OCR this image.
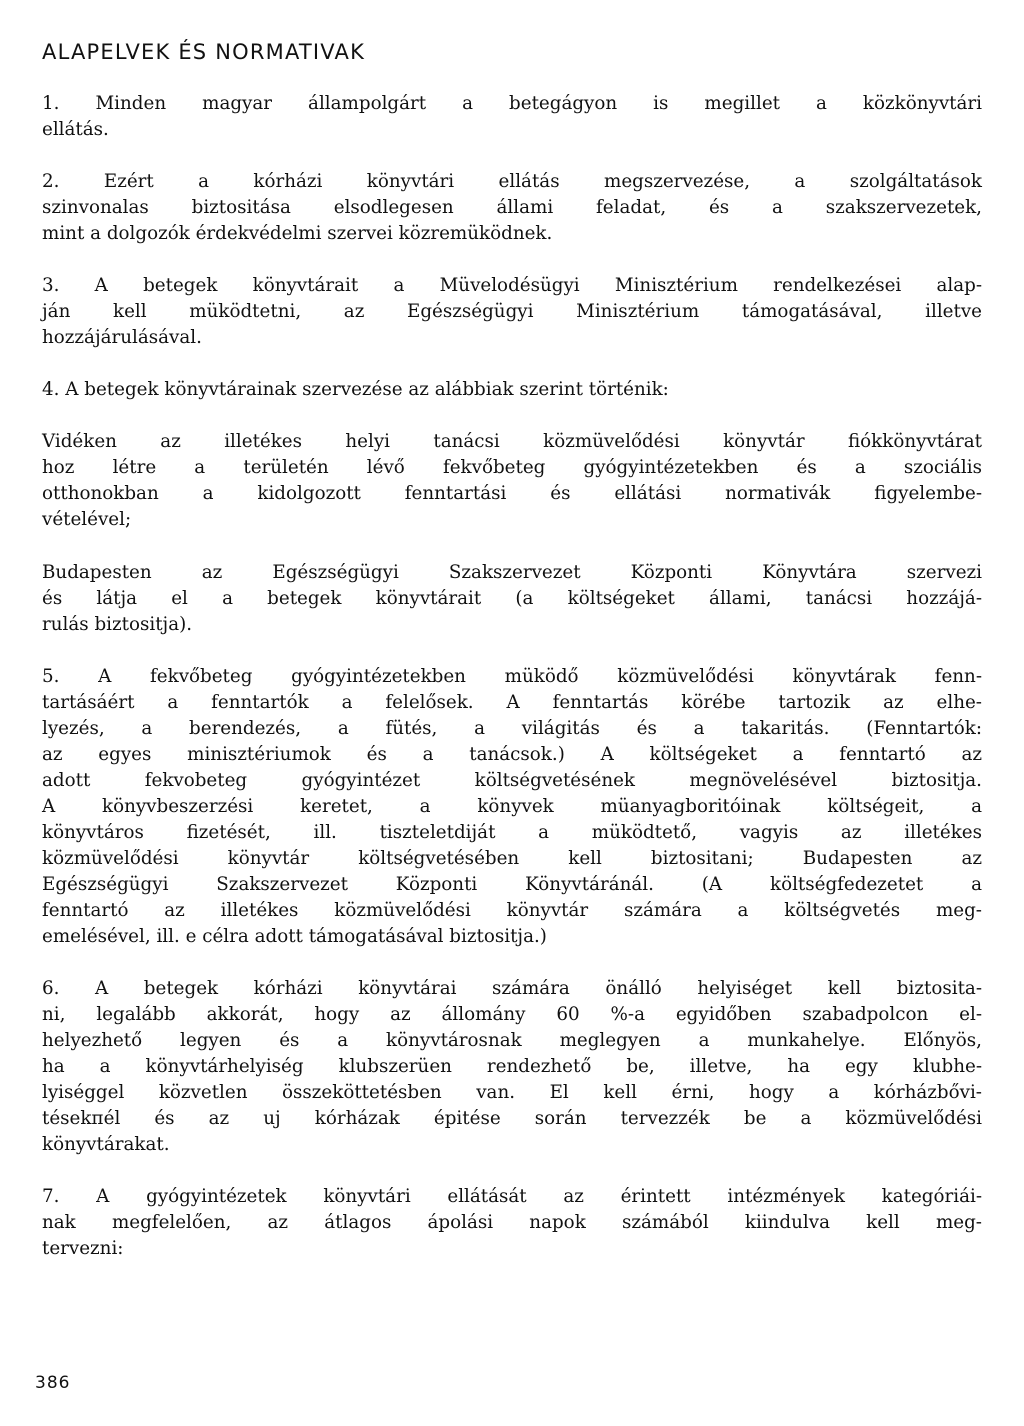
ALAPELVEK ÉS NORMATIVAK
1. Minden magyar állampolgárt a betegágyon is megillet a közkönyvtári
ellátás.
2. Ezért a kórházi könyvtári ellátás megszervezése, a szolgáltatások
szinvonalas biztositása elsodlegesen állami feladat, és a szakszervezetek,
mint a dolgozók érdekvédelmi szervei közremüködnek.
3. A betegek könyvtárait a Müvelodésügyi Minisztérium rendelkezései alap-
ján kell müködtetni, az Egészségügyi Minisztérium támogatásával, illetve
hozzájárulásával.
4. A betegek könyvtárainak szervezése az alábbiak szerint történik:
Vidéken az illetékes helyi tanácsi közmüvelődési könyvtár fiókkönyvtárat
hoz létre a területén lévő fekvőbeteg gyógyintézetekben és a szociális
otthonokban a kidolgozott fenntartási és ellátási normativák figyelembe-
vételével;
Budapesten az Egészségügyi Szakszervezet Központi Könyvtára szervezi
és látja el a betegek könyvtárait (a költségeket állami, tanácsi hozzájá-
rulás biztositja).
5. A fekvőbeteg gyógyintézetekben müködő közmüvelődési könyvtárak fenn-
tartásáért a fenntartók a felelősek. A fenntartás körébe tartozik az elhe-
lyezés, a berendezés, a fütés, a világitás és a takaritás. (Fenntartók:
az egyes minisztériumok és a tanácsok.) A költségeket a fenntartó az
adott fekvobeteg gyógyintézet költségvetésének megnövelésével biztositja.
A könyvbeszerzési keretet, a könyvek müanyagboritóinak költségeit, a
könyvtáros fizetését, ill. tiszteletdiját a müködtető, vagyis az illetékes
közmüvelődési könyvtár költségvetésében kell biztositani; Budapesten az
Egészségügyi Szakszervezet Központi Könyvtáránál. (A költségfedezetet a
fenntartó az illetékes közmüvelődési könyvtár számára a költségvetés meg-
emelésével, ill. e célra adott támogatásával biztositja.)
6. A betegek kórházi könyvtárai számára önálló helyiséget kell biztosita-
ni, legalább akkorát, hogy az állomány 60 %-a egyidőben szabadpolcon el-
helyezhető legyen és a könyvtárosnak meglegyen a munkahelye. Előnyös,
ha a könyvtárhelyiség klubszerüen rendezhető be, illetve, ha egy klubhe-
lyiséggel közvetlen összeköttetésben van. El kell érni, hogy a kórházbővi-
tésekпél és az uj kórházak épitése során tervezzék be a közmüvelődési
könyvtárakat.
7. A gyógyintézetek könyvtári ellátását az érintett intézmények kategóriái-
nak megfelelően, az átlagos ápolási napok számából kiindulva kell meg-
tervezni:
386
